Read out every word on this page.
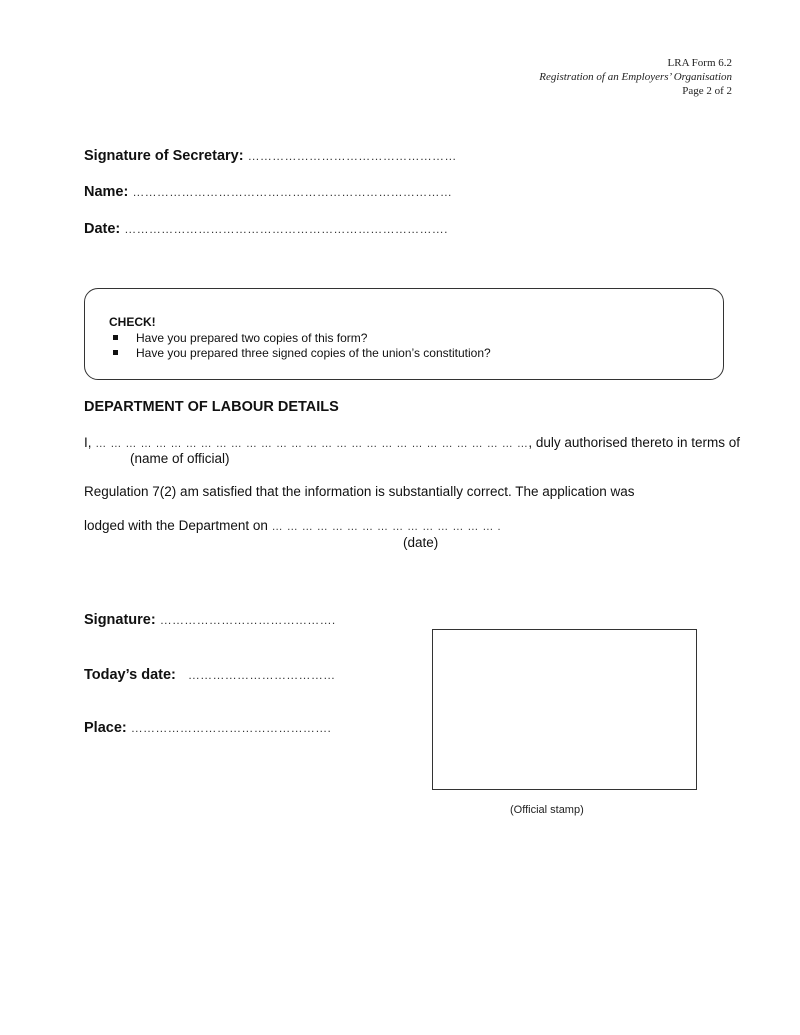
LRA Form 6.2
Registration of an Employers’ Organisation
Page 2 of 2
Signature of Secretary: ……………………………………………
Name: ……………………………………………………………………
Date: …………………………………………………………………….
CHECK!
Have you prepared two copies of this form?
Have you prepared three signed copies of the union’s constitution?
DEPARTMENT OF LABOUR DETAILS
I, … … … … … … … … … … … … … … … … … … … … … … … … … … … … …, duly authorised thereto in terms of
(name of official)
Regulation 7(2) am satisfied that the information is substantially correct. The application was
lodged with the Department on … … … … … … … … … … … … … … … .
(date)
Signature: …………………………………….
Today’s date: ………………………………
Place: ………………………………………….
(Official stamp)
